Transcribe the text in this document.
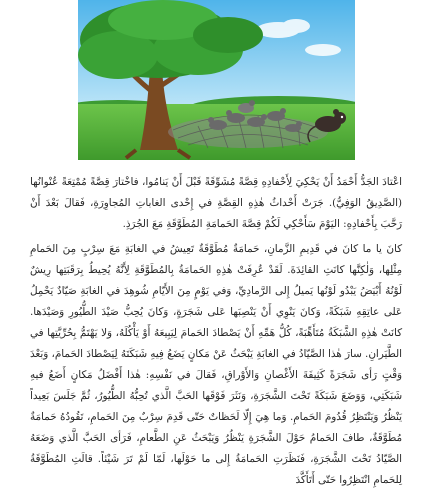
اعْتادَ الجَدُّ أَحْمَدُ أَنْ يَحْكِيَ لِأَحْفادِهِ قِصَّةً مُشَوِّقَةً قَبْلَ أَنْ يَنامُوا، فاخْتارَ قِصَّةً مُمْتِعَةً عُنْوانُها (الصَّدِيقُ الوَفِيُّ). جَرَتْ أَحْداثُ هٰذِهِ القِصَّةِ في إِحْدى الغاباتِ المُجاوِرَةِ، فَقالَ بَعْدَ أَنْ رَحَّبَ بِأَحْفادِهِ: اليَوْمَ سَأَحْكِي لَكُمْ قِصَّةَ الحَمامَةِ المُطَوَّقَةِ مَعَ الجُرَذِ.

كانَ يا ما كانَ في قَدِيمِ الزَّمانِ، حَمامَةٌ مُطَوَّقَةٌ تَعِيشُ في الغابَةِ مَعَ سِرْبٍ مِنَ الحَمامِ مِثْلِها، وَلٰكِنَّها كانَتِ القائِدَةَ. لَقَدْ عُرِفَتْ هٰذِهِ الحَمامَةُ بِالمُطَوَّقَةِ لِأَنَّهُ يُحِيطُ بِرَقَبَتِها رِيشٌ لَوْنُهُ أَبْيَضُ يَبْدُو لَوْنُها يَميلُ إِلى الرَّمادِيِّ، وَفي يَوْمٍ مِنَ الأَيّامِ شُوهِدَ في الغابَةِ صَيّادٌ يَحْمِلُ عَلى عاتِقِهِ شَبَكَةً، وَكانَ يَنْوِي أَنْ يَنْصِبَها عَلى شَجَرَةٍ، وَكانَ يُحِبُّ صَيْدَ الطُّيُورِ وَصَيْدَها. كانَتْ هٰذِهِ الشَّبَكَةُ مُتَأَهِّبَةً، كُلُّ هَمِّهِ أَنْ يَصْطادَ الحَمامَ لِيَبِيعَهُ أَوْ يَأْكُلَهُ، وَلا يَهْتَمُّ بِحُرِّيَّتِها في الطَّيَرانِ. سارَ هٰذا الصَّيّادُ في الغابَةِ يَبْحَثُ عَنْ مَكانٍ يَضَعُ فِيهِ شَبَكَتَهُ لِيَصْطادَ الحَمامَ، وَبَعْدَ وَقْتٍ رَأى شَجَرَةً كَثِيفَةَ الأَغْصانِ وَالأَوْراقِ، فَقالَ في نَفْسِهِ: هٰذا أَفْضَلُ مَكانٍ أَضَعُ فيهِ شَبَكَتِي، وَوَضَعَ شَبَكَةً تَحْتَ الشَّجَرَةِ، وَنَثَرَ فَوْقَها الحَبَّ الَّذي تُحِبُّهُ الطُّيُورُ، ثُمَّ جَلَسَ بَعِيداً يَنْظُرُ وَيَنْتَظِرُ قُدُومَ الحَمامِ. وَما هِيَ إِلّا لَحَظاتٌ حَتّى قَدِمَ سِرْبٌ مِنَ الحَمامِ، تَقُودُهُ حَمامَةٌ مُطَوَّقَةٌ، طافَ الحَمامُ حَوْلَ الشَّجَرَةِ يَنْظُرُ وَيَبْحَثُ عَنِ الطَّعامِ، فَرَأى الحَبَّ الَّذي وَضَعَهُ الصَّيّادُ تَحْتَ الشَّجَرَةِ، فَنَظَرَتِ الحَمامَةُ إِلى ما حَوْلَها، لَمّا لَمْ تَرَ شَيْئاً. قالَتِ المُطَوَّقَةُ لِلحَمامِ انْتَظِرُوا حَتّى أَتَأَكَّدَ
